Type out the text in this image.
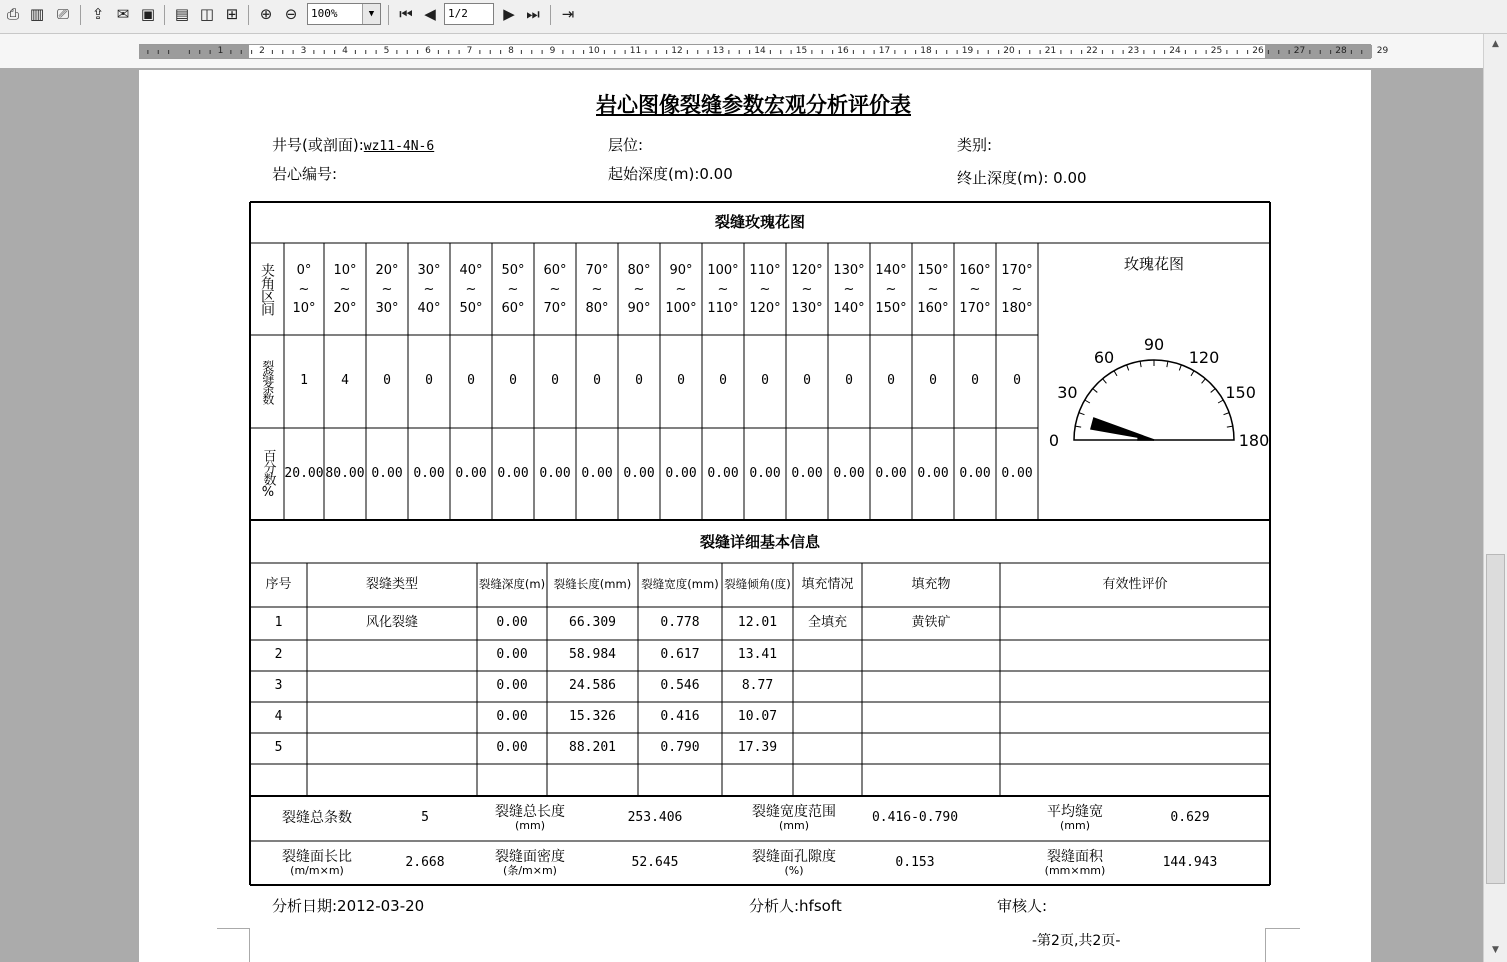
⎙ ▥ ⎚	⇪ ✉ ▣ ▤ ◫ ⊞	⊕ ⊖	100%	▼	⏮ ◀	1/2	▶ ⏭	⇥
1	2	3	4	5	6	7	8	9	10	11	12	13	14	15	16	17	18	19	20	21	22	23	24	25	26	27	28	29
▲
▼
岩心图像裂缝参数宏观分析评价表
井号(或剖面):wz11-4N-6	层位:	类别:
岩心编号:	起始深度(m):0.00	终止深度(m): 0.00
裂缝玫瑰花图
夹角区间
裂缝条数
百分数%
0°
~
10°
1
20.00
10°
~
20°
4
80.00
20°
~
30°
0
0.00
30°
~
40°
0
0.00
40°
~
50°
0
0.00
50°
~
60°
0
0.00
60°
~
70°
0
0.00
70°
~
80°
0
0.00
80°
~
90°
0
0.00
90°
~
100°
0
0.00
100°
~
110°
0
0.00
110°
~
120°
0
0.00
120°
~
130°
0
0.00
130°
~
140°
0
0.00
140°
~
150°
0
0.00
150°
~
160°
0
0.00
160°
~
170°
0
0.00
170°
~
180°
0
0.00
玫瑰花图
0
30
60
90
120
150
180
裂缝详细基本信息
序号	裂缝类型	裂缝深度(m) 裂缝长度(mm) 裂缝宽度(mm) 裂缝倾角(度) 填充情况	填充物	有效性评价
1	风化裂缝	0.00	66.309	0.778	12.01	全填充	黄铁矿
2	0.00	58.984	0.617	13.41
3	0.00	24.586	0.546	8.77
4	0.00	15.326	0.416	10.07
5	0.00	88.201	0.790	17.39
裂缝总条数	5	裂缝总长度
(mm)
253.406	裂缝宽度范围
(mm)
0.416-0.790	平均缝宽
(mm)
0.629
裂缝面长比
(m/m×m)
2.668	裂缝面密度
(条/m×m)
52.645	裂缝面孔隙度
(%)
0.153	裂缝面积
(mm×mm)
144.943
分析日期:2012-03-20	分析人:hfsoft	审核人:
-第2页,共2页-
